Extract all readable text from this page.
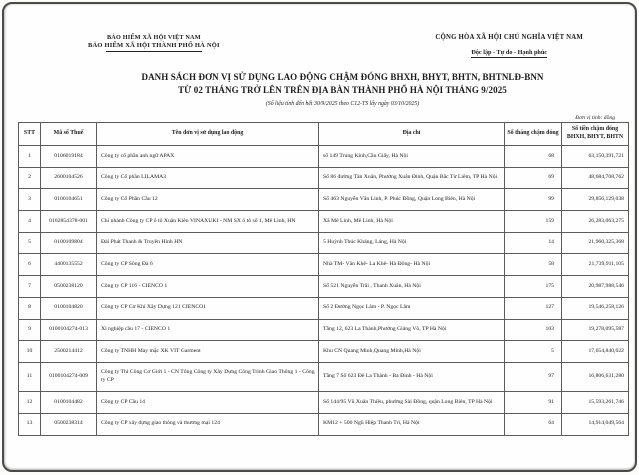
BẢO HIỂM XÃ HỘI VIỆT NAM
BẢO HIỂM XÃ HỘI THÀNH PHỐ HÀ NỘI
CỘNG HÒA XÃ HỘI CHỦ NGHĨA VIỆT NAM
Độc lập - Tự do - Hạnh phúc
DANH SÁCH ĐƠN VỊ SỬ DỤNG LAO ĐỘNG CHẬM ĐÓNG BHXH, BHYT, BHTN, BHTNLĐ-BNN
TỪ 02 THÁNG TRỞ LÊN TRÊN ĐỊA BÀN THÀNH PHỐ HÀ NỘI THÁNG 9/2025
(Số liệu tính đến hết 30/9/2025 theo C12-TS lấy ngày 03/10/2025)
Đơn vị tính: đồng
STT	Mã số Thuế	Tên đơn vị sử dụng lao động	Địa chỉ	Số tháng chậm đóng	Số tiền chậm đóng BHXH, BHYT, BHTN
1	0106019184	Công ty cổ phần anh ngữ APAX	số 149 Trung Kính,Cầu Giấy, Hà Nội	68	63,150,391,721
2	2600104526	Công ty Cổ phần LILAMA3	Số 86 đường Tân Xuân, Phường Xuân Đỉnh, Quận Bắc Từ Liêm, TP Hà Nội	69	48,684,708,762
3	0100104651	Công ty Cổ Phần Cầu 12	Số 463 Nguyễn Văn Linh, P. Phúc Đồng, Quận Long Biên, Hà Nội	99	29,856,129,038
4	0102854378-001	Chi nhánh Công ty CP ô tô Xuân Kiên VINAXUKI - NM SX ô tô số 1, Mê Linh, HN	Xã Mê Linh, Mê Linh, Hà Nội	159	26,283,063,275
5	0100109804	Đài Phát Thanh & Truyền Hình HN	5 Huỳnh Thúc Kháng, Láng, Hà Nội	14	21,960,325,368
6	4400135552	Công ty CP Sông Đà 6	Nhà TM- Văn Khê- La Khê- Hà Đông- Hà Nội	58	21,739,911,105
7	0500238120	Công ty CP 116 - CIENCO 1	Số 521 Nguyễn Trãi , Thanh Xuân, Hà Nội	175	20,987,988,546
8	0100104820	Công ty CP Cơ Khí Xây Dựng 121 CIENCO1	Số 2 Đường Ngọc Lâm - P. Ngọc Lâm	127	19,546,258,126
9	0100104274-013	Xí nghiệp cầu 17 - CIENCO 1	Tầng 12, 623 La Thành,Phường Giảng Võ, TP Hà Nội	103	19,278,095,587
10	2500214412	Công ty TNHH May mặc XK VIT Garment	Khu CN Quang Minh,Quang Minh,Hà Nội	5	17,654,840,022
11	0100104274-009	Công ty Thi Công Cơ Giới 1 - CN Tổng Công ty Xây Dựng Công Trình Giao Thông 1 - Công ty CP	Tầng 7 Số 623 Đê La Thành - Ba Đình - Hà Nội	97	16,806,631,280
12	0100104482	Công ty CP Cầu 14	Số 144/95 Vũ Xuân Thiều, phường Sài Đồng, quận Long Biên, TP Hà Nội	91	15,593,261,746
13	0500238314	Công ty CP xây dựng giao thông và thương mại 124	KM12 + 500 Ngũ Hiệp Thanh Trì, Hà Nội	64	14,914,049,564
